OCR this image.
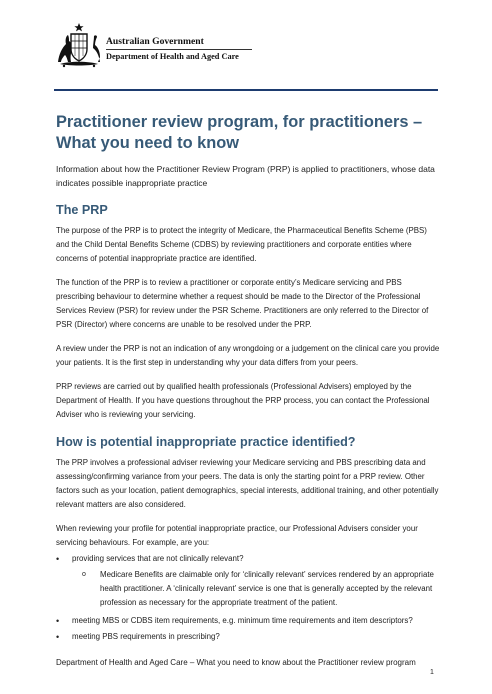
Australian Government
Department of Health and Aged Care
Practitioner review program, for practitioners – What you need to know

Information about how the Practitioner Review Program (PRP) is applied to practitioners, whose data indicates possible inappropriate practice

The PRP

The purpose of the PRP is to protect the integrity of Medicare, the Pharmaceutical Benefits Scheme (PBS) and the Child Dental Benefits Scheme (CDBS) by reviewing practitioners and corporate entities where concerns of potential inappropriate practice are identified.

The function of the PRP is to review a practitioner or corporate entity’s Medicare servicing and PBS prescribing behaviour to determine whether a request should be made to the Director of the Professional Services Review (PSR) for review under the PSR Scheme. Practitioners are only referred to the Director of PSR (Director) where concerns are unable to be resolved under the PRP.

A review under the PRP is not an indication of any wrongdoing or a judgement on the clinical care you provide your patients. It is the first step in understanding why your data differs from your peers.

PRP reviews are carried out by qualified health professionals (Professional Advisers) employed by the Department of Health. If you have questions throughout the PRP process, you can contact the Professional Adviser who is reviewing your servicing.

How is potential inappropriate practice identified?

The PRP involves a professional adviser reviewing your Medicare servicing and PBS prescribing data and assessing/confirming variance from your peers. The data is only the starting point for a PRP review. Other factors such as your location, patient demographics, special interests, additional training, and other potentially relevant matters are also considered.

When reviewing your profile for potential inappropriate practice, our Professional Advisers consider your servicing behaviours. For example, are you:

•	providing services that are not clinically relevant?
o	Medicare Benefits are claimable only for ‘clinically relevant’ services rendered by an appropriate health practitioner. A ‘clinically relevant’ service is one that is generally accepted by the relevant profession as necessary for the appropriate treatment of the patient.
•	meeting MBS or CDBS item requirements, e.g. minimum time requirements and item descriptors?
•	meeting PBS requirements in prescribing?
Department of Health and Aged Care – What you need to know about the Practitioner review program
1
